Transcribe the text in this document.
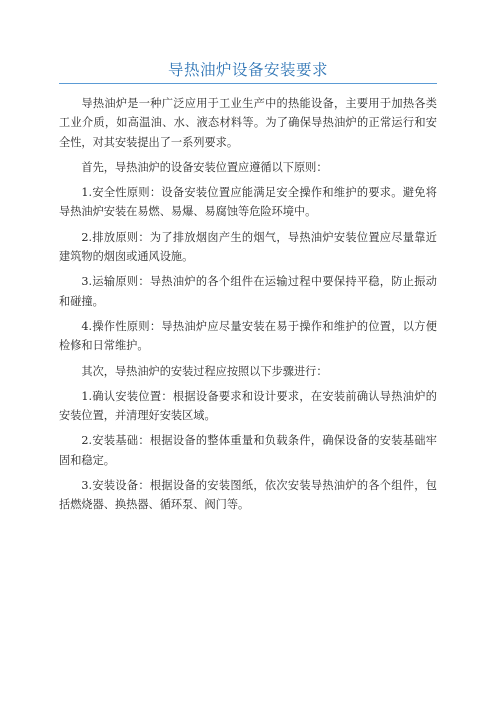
导热油炉设备安装要求

导热油炉是一种广泛应用于工业生产中的热能设备，主要用于加热各类工业介质，如高温油、水、液态材料等。为了确保导热油炉的正常运行和安全性，对其安装提出了一系列要求。

首先，导热油炉的设备安装位置应遵循以下原则：

1.安全性原则：设备安装位置应能满足安全操作和维护的要求。避免将导热油炉安装在易燃、易爆、易腐蚀等危险环境中。

2.排放原则：为了排放烟囱产生的烟气，导热油炉安装位置应尽量靠近建筑物的烟囱或通风设施。

3.运输原则：导热油炉的各个组件在运输过程中要保持平稳，防止振动和碰撞。

4.操作性原则：导热油炉应尽量安装在易于操作和维护的位置，以方便检修和日常维护。

其次，导热油炉的安装过程应按照以下步骤进行：

1.确认安装位置：根据设备要求和设计要求，在安装前确认导热油炉的安装位置，并清理好安装区域。

2.安装基础：根据设备的整体重量和负载条件，确保设备的安装基础牢固和稳定。

3.安装设备：根据设备的安装图纸，依次安装导热油炉的各个组件，包括燃烧器、换热器、循环泵、阀门等。
